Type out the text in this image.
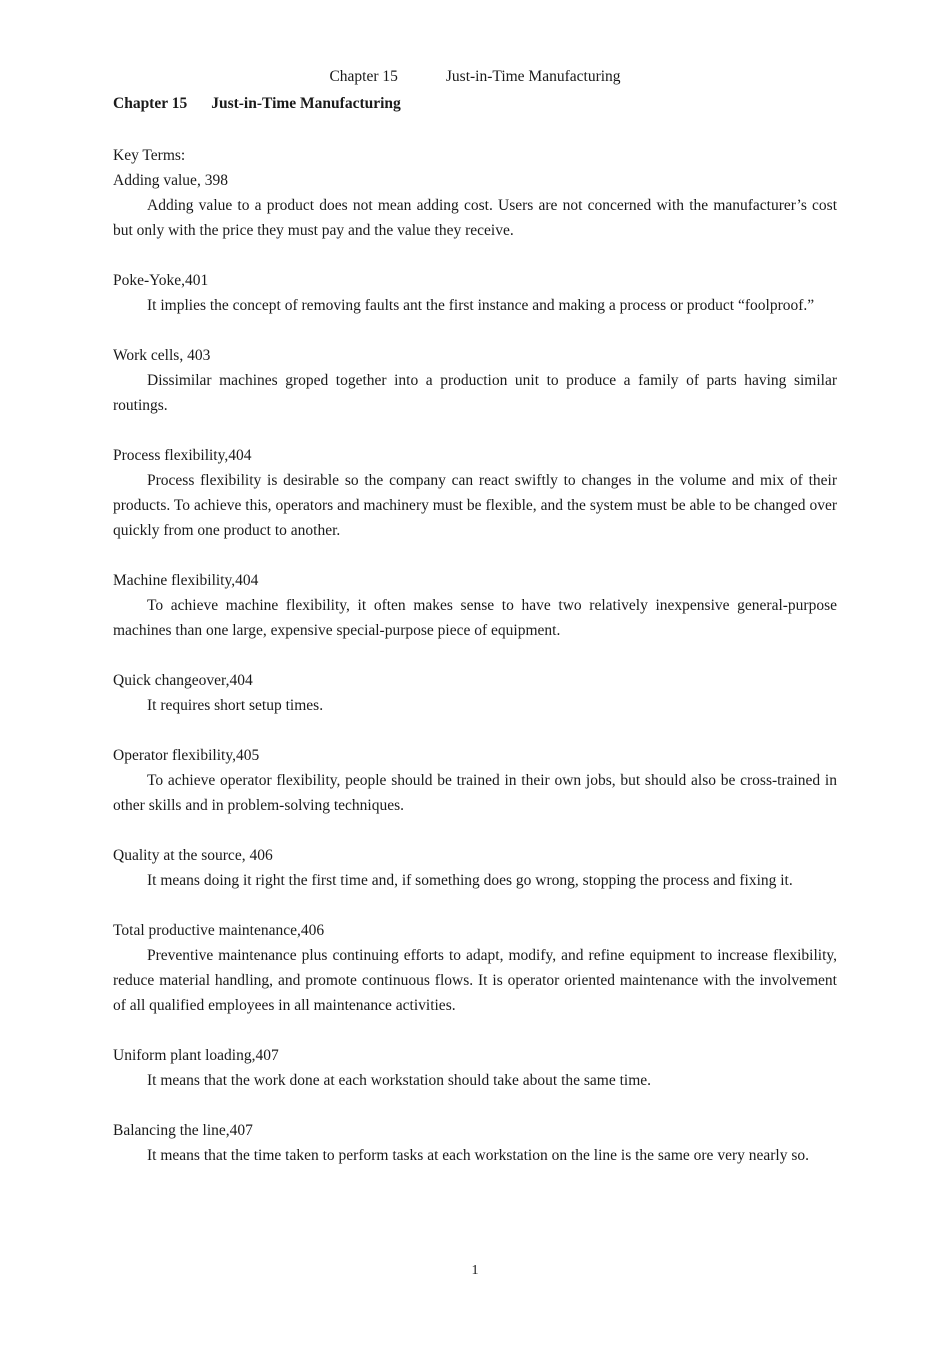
Chapter 15	Just-in-Time Manufacturing
Chapter 15 Just-in-Time Manufacturing

Key Terms:

Adding value, 398

Adding value to a product does not mean adding cost. Users are not concerned with the manufacturer’s cost but only with the price they must pay and the value they receive.

Poke-Yoke,401

It implies the concept of removing faults ant the first instance and making a process or product “foolproof.”

Work cells, 403

Dissimilar machines groped together into a production unit to produce a family of parts having similar routings.

Process flexibility,404

Process flexibility is desirable so the company can react swiftly to changes in the volume and mix of their products. To achieve this, operators and machinery must be flexible, and the system must be able to be changed over quickly from one product to another.

Machine flexibility,404

To achieve machine flexibility, it often makes sense to have two relatively inexpensive general-purpose machines than one large, expensive special-purpose piece of equipment.

Quick changeover,404

It requires short setup times.

Operator flexibility,405

To achieve operator flexibility, people should be trained in their own jobs, but should also be cross-trained in other skills and in problem-solving techniques.

Quality at the source, 406

It means doing it right the first time and, if something does go wrong, stopping the process and fixing it.

Total productive maintenance,406

Preventive maintenance plus continuing efforts to adapt, modify, and refine equipment to increase flexibility, reduce material handling, and promote continuous flows. It is operator oriented maintenance with the involvement of all qualified employees in all maintenance activities.

Uniform plant loading,407

It means that the work done at each workstation should take about the same time.

Balancing the line,407

It means that the time taken to perform tasks at each workstation on the line is the same ore very nearly so.

1
